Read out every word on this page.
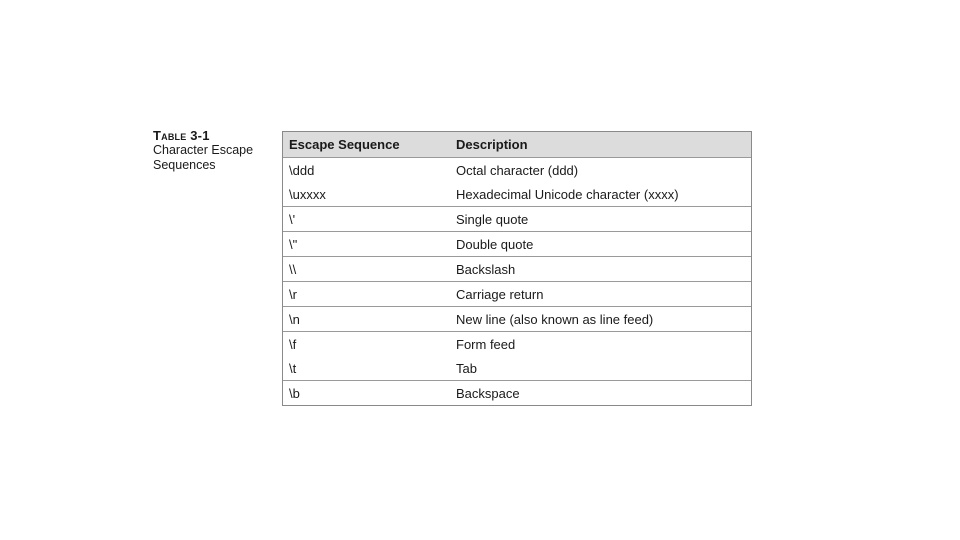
Table 3-1
Character Escape Sequences
Escape Sequence	Description
\ddd	Octal character (ddd)
\uxxxx	Hexadecimal Unicode character (xxxx)
\'	Single quote
\"	Double quote
\\	Backslash
\r	Carriage return
\n	New line (also known as line feed)
\f	Form feed
\t	Tab
\b	Backspace
